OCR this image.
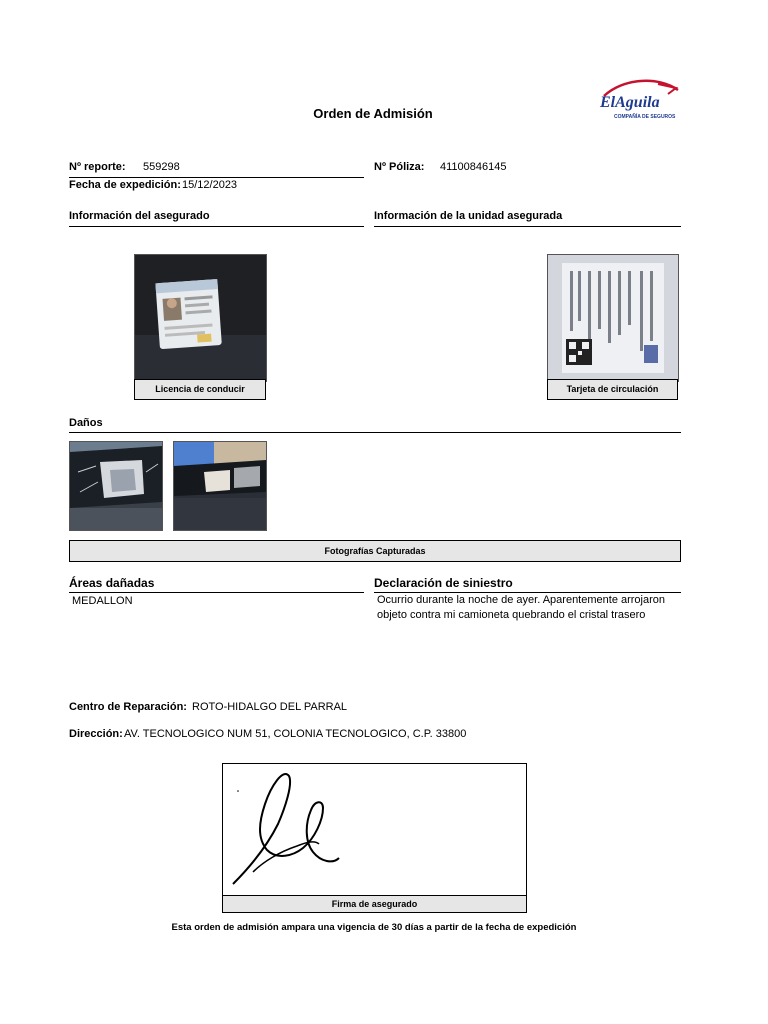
Orden de Admisión
ElAguila
COMPAÑÍA DE SEGUROS
Nº reporte: 559298	Nº Póliza: 41100846145
Fecha de expedición: 15/12/2023
Información del asegurado	Información de la unidad asegurada
Licencia de conducir	Tarjeta de circulación
Daños
Fotografías Capturadas
Áreas dañadas	Declaración de siniestro
MEDALLON	Ocurrio durante la noche de ayer. Aparentemente arrojaron objeto contra mi camioneta quebrando el cristal trasero
Centro de Reparación: ROTO-HIDALGO DEL PARRAL
Dirección: AV. TECNOLOGICO NUM 51, COLONIA TECNOLOGICO, C.P. 33800
Firma de asegurado
Esta orden de admisión ampara una vigencia de 30 días a partir de la fecha de expedición
